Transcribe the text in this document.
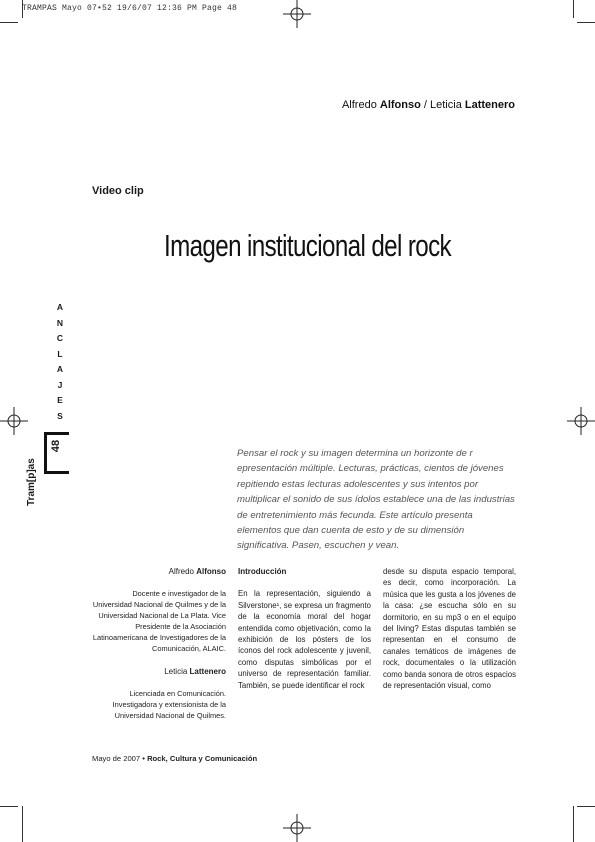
TRAMPAS Mayo 07•52 19/6/07 12:36 PM Page 48
Alfredo Alfonso / Leticia Lattenero
Video clip
Imagen institucional del rock
ANCLAJES
48
Tram[p]as

Pensar el rock y su imagen determina un horizonte de r epresentación múltiple. Lecturas, prácticas, cientos de jóvenes repitiendo estas lecturas adolescentes y sus intentos por multiplicar el sonido de sus ídolos establece una de las industrias de entretenimiento más fecunda. Este artículo presenta elementos que dan cuenta de esto y de su dimensión significativa. Pasen, escuchen y vean.

Alfredo Alfonso

Docente e investigador de la Universidad Nacional de Quilmes y de la Universidad Nacional de La Plata. Vice Presidente de la Asociación Latinoamericana de Investigadores de la Comunicación, ALAIC.

Leticia Lattenero

Licenciada en Comunicación. Investigadora y extensionista de la Universidad Nacional de Quilmes.

Introducción

En la representación, siguiendo a Silverstone¹, se expresa un fragmento de la economía moral del hogar entendida como objetivación, como la exhibición de los pósters de los íconos del rock adolescente y juvenil, como disputas simbólicas por el universo de representación familiar. También, se puede identificar el rock

desde su disputa espacio temporal, es decir, como incorporación. La música que les gusta a los jóvenes de la casa: ¿se escucha sólo en su dormitorio, en su mp3 o en el equipo del living? Estas disputas también se representan en el consumo de canales temáticos de imágenes de rock, documentales o la utilización como banda sonora de otros espacios de representación visual, como

Mayo de 2007 • Rock, Cultura y Comunicación
